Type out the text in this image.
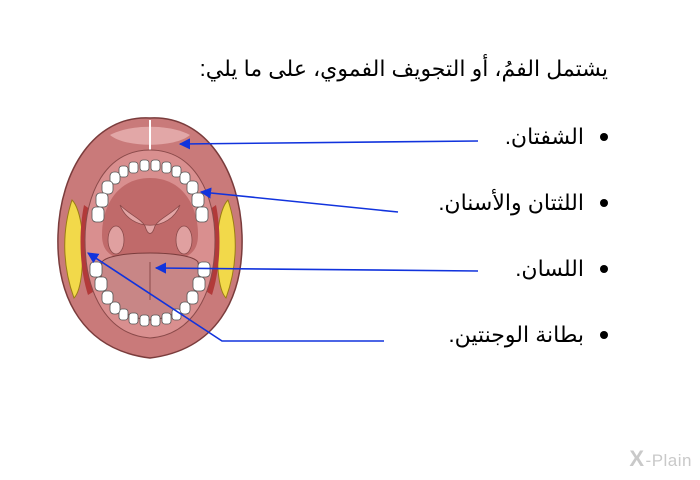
يشتمل الفمُ، أو التجويف الفموي، على ما يلي:
الشفتان.
اللثتان والأسنان.
اللسان.
بطانة الوجنتين.
X-Plain
